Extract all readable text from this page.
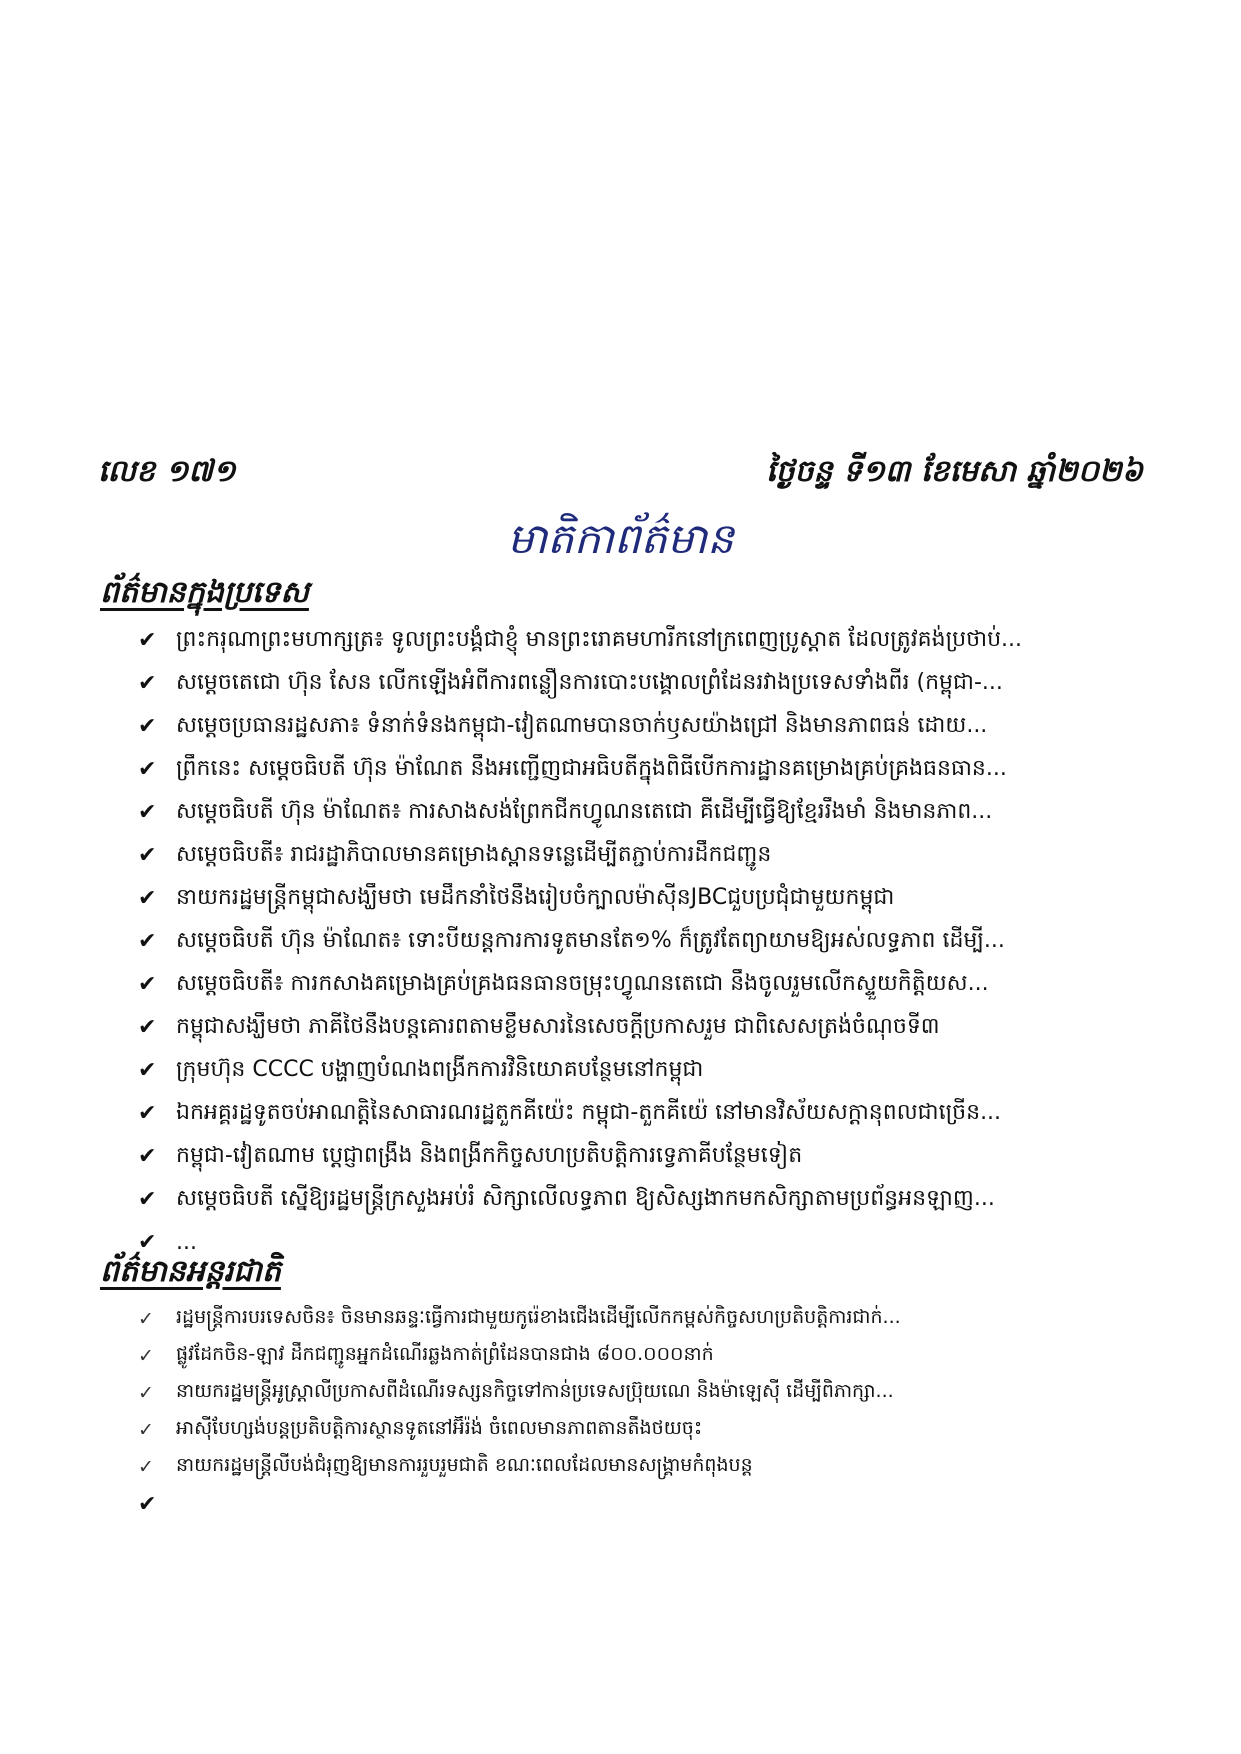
លេខ ១៧១	ថ្ងៃចន្ទ ទី១៣ ខែមេសា ឆ្នាំ២០២៦
មាតិកាព័ត៌មាន
ព័ត៌មានក្នុងប្រទេស
✔ ព្រះករុណាព្រះមហាក្សត្រ៖ ទូលព្រះបង្គំជាខ្ញុំ មានព្រះរោគមហារីកនៅក្រពេញប្រូស្តាត ដែលត្រូវគង់ប្រថាប់...
✔ សម្តេចតេជោ ហ៊ុន សែន លើកឡើងអំពីការពន្លឿនការបោះបង្គោលព្រំដែនរវាងប្រទេសទាំងពីរ (កម្ពុជា-...
✔ សម្តេចប្រធានរដ្ឋសភា៖ ទំនាក់ទំនងកម្ពុជា-វៀតណាមបានចាក់ឫសយ៉ាងជ្រៅ និងមានភាពធន់ ដោយ...
✔ ព្រឹកនេះ សម្តេចធិបតី ហ៊ុន ម៉ាណែត នឹងអញ្ជើញជាអធិបតីក្នុងពិធីបើកការដ្ឋានគម្រោងគ្រប់គ្រងធនធាន...
✔ សម្តេចធិបតី ហ៊ុន ម៉ាណែត៖ ការសាងសង់ព្រែកជីកហ្វូណនតេជោ គឺដើម្បីធ្វើឱ្យខ្មែររឹងមាំ និងមានភាព...
✔ សម្តេចធិបតី៖ រាជរដ្ឋាភិបាលមានគម្រោងស្ពានទន្លេដើម្បីតភ្ជាប់ការដឹកជញ្ជូន
✔ នាយករដ្ឋមន្ត្រីកម្ពុជាសង្ឃឹមថា មេដឹកនាំថៃនឹងរៀបចំក្បាលម៉ាស៊ីនJBCជួបប្រជុំជាមួយកម្ពុជា
✔ សម្តេចធិបតី ហ៊ុន ម៉ាណែត៖ ទោះបីយន្តការការទូតមានតែ១% ក៏ត្រូវតែព្យាយាមឱ្យអស់លទ្ធភាព ដើម្បី...
✔ សម្តេចធិបតី៖ ការកសាងគម្រោងគ្រប់គ្រងធនធានចម្រុះហ្វូណនតេជោ នឹងចូលរួមលើកស្ទួយកិត្តិយស...
✔ កម្ពុជាសង្ឃឹមថា ភាគីថៃនឹងបន្តគោរពតាមខ្លឹមសារនៃសេចក្តីប្រកាសរួម ជាពិសេសត្រង់ចំណុចទី៣
✔ ក្រុមហ៊ុន CCCC បង្ហាញបំណងពង្រីកការវិនិយោគបន្ថែមនៅកម្ពុជា
✔ ឯកអគ្គរដ្ឋទូតចប់អាណត្តិនៃសាធារណរដ្ឋតួកគីយ៉េះ កម្ពុជា-តួកគីយ៉េ នៅមានវិស័យសក្តានុពលជាច្រើន...
✔ កម្ពុជា-វៀតណាម ប្តេជ្ញាពង្រឹង និងពង្រីកកិច្ចសហប្រតិបត្តិការទេ្វភាគីបន្ថែមទៀត
✔ សម្តេចធិបតី ស្នើឱ្យរដ្ឋមន្ត្រីក្រសួងអប់រំ សិក្សាលើលទ្ធភាព ឱ្យសិស្សងាកមកសិក្សាតាមប្រព័ន្ធអនឡាញ...
✔ ...
ព័ត៌មានអន្តរជាតិ
✓	រដ្ឋមន្ត្រីការបរទេសចិន៖ ចិនមានឆន្ទៈធ្វើការជាមួយកូរ៉េខាងជើងដើម្បីលើកកម្ពស់កិច្ចសហប្រតិបត្តិការជាក់...
✓	ផ្លូវដែកចិន-ឡាវ ដឹកជញ្ជូនអ្នកដំណើរឆ្លងកាត់ព្រំដែនបានជាង ៨០០.០០០នាក់
✓	នាយករដ្ឋមន្ត្រីអូស្ត្រាលីប្រកាសពីដំណើរទស្សនកិច្ចទៅកាន់ប្រទេសប្រ៊ុយណេ និងម៉ាឡេស៊ី ដើម្បីពិភាក្សា...
✓	អាស៊ីបែហ្សង់បន្តប្រតិបត្តិការស្ថានទូតនៅអ៊ីរ៉ង់ ចំពេលមានភាពតានតឹងថយចុះ
✓	នាយករដ្ឋមន្ត្រីលីបង់ជំរុញឱ្យមានការរួបរួមជាតិ ខណៈពេលដែលមានសង្គ្រាមកំពុងបន្ត
✔
